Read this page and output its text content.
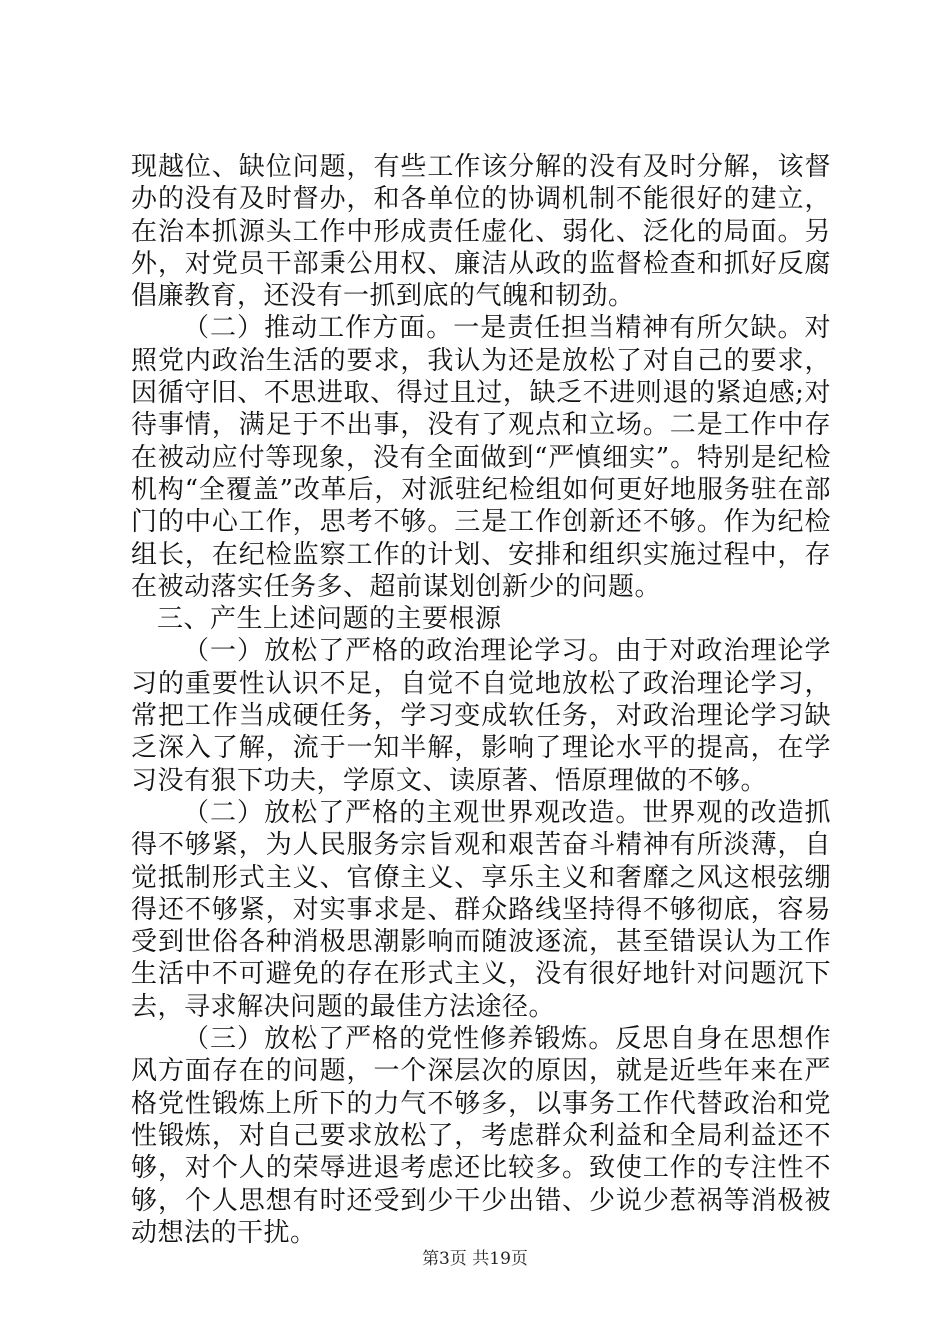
现越位、缺位问题，有些工作该分解的没有及时分解，该督办的没有及时督办，和各单位的协调机制不能很好的建立，在治本抓源头工作中形成责任虚化、弱化、泛化的局面。另外，对党员干部秉公用权、廉洁从政的监督检查和抓好反腐倡廉教育，还没有一抓到底的气魄和韧劲。

（二）推动工作方面。一是责任担当精神有所欠缺。对照党内政治生活的要求，我认为还是放松了对自己的要求，因循守旧、不思进取、得过且过，缺乏不进则退的紧迫感;对待事情，满足于不出事，没有了观点和立场。二是工作中存在被动应付等现象，没有全面做到“严慎细实”。特别是纪检机构“全覆盖”改革后，对派驻纪检组如何更好地服务驻在部门的中心工作，思考不够。三是工作创新还不够。作为纪检组长，在纪检监察工作的计划、安排和组织实施过程中，存在被动落实任务多、超前谋划创新少的问题。

三、产生上述问题的主要根源

（一）放松了严格的政治理论学习。由于对政治理论学习的重要性认识不足，自觉不自觉地放松了政治理论学习，常把工作当成硬任务，学习变成软任务，对政治理论学习缺乏深入了解，流于一知半解，影响了理论水平的提高，在学习没有狠下功夫，学原文、读原著、悟原理做的不够。

（二）放松了严格的主观世界观改造。世界观的改造抓得不够紧，为人民服务宗旨观和艰苦奋斗精神有所淡薄，自觉抵制形式主义、官僚主义、享乐主义和奢靡之风这根弦绷得还不够紧，对实事求是、群众路线坚持得不够彻底，容易受到世俗各种消极思潮影响而随波逐流，甚至错误认为工作生活中不可避免的存在形式主义，没有很好地针对问题沉下去，寻求解决问题的最佳方法途径。

（三）放松了严格的党性修养锻炼。反思自身在思想作风方面存在的问题，一个深层次的原因，就是近些年来在严格党性锻炼上所下的力气不够多，以事务工作代替政治和党性锻炼，对自己要求放松了，考虑群众利益和全局利益还不够，对个人的荣辱进退考虑还比较多。致使工作的专注性不够，个人思想有时还受到少干少出错、少说少惹祸等消极被动想法的干扰。

第3页 共19页
